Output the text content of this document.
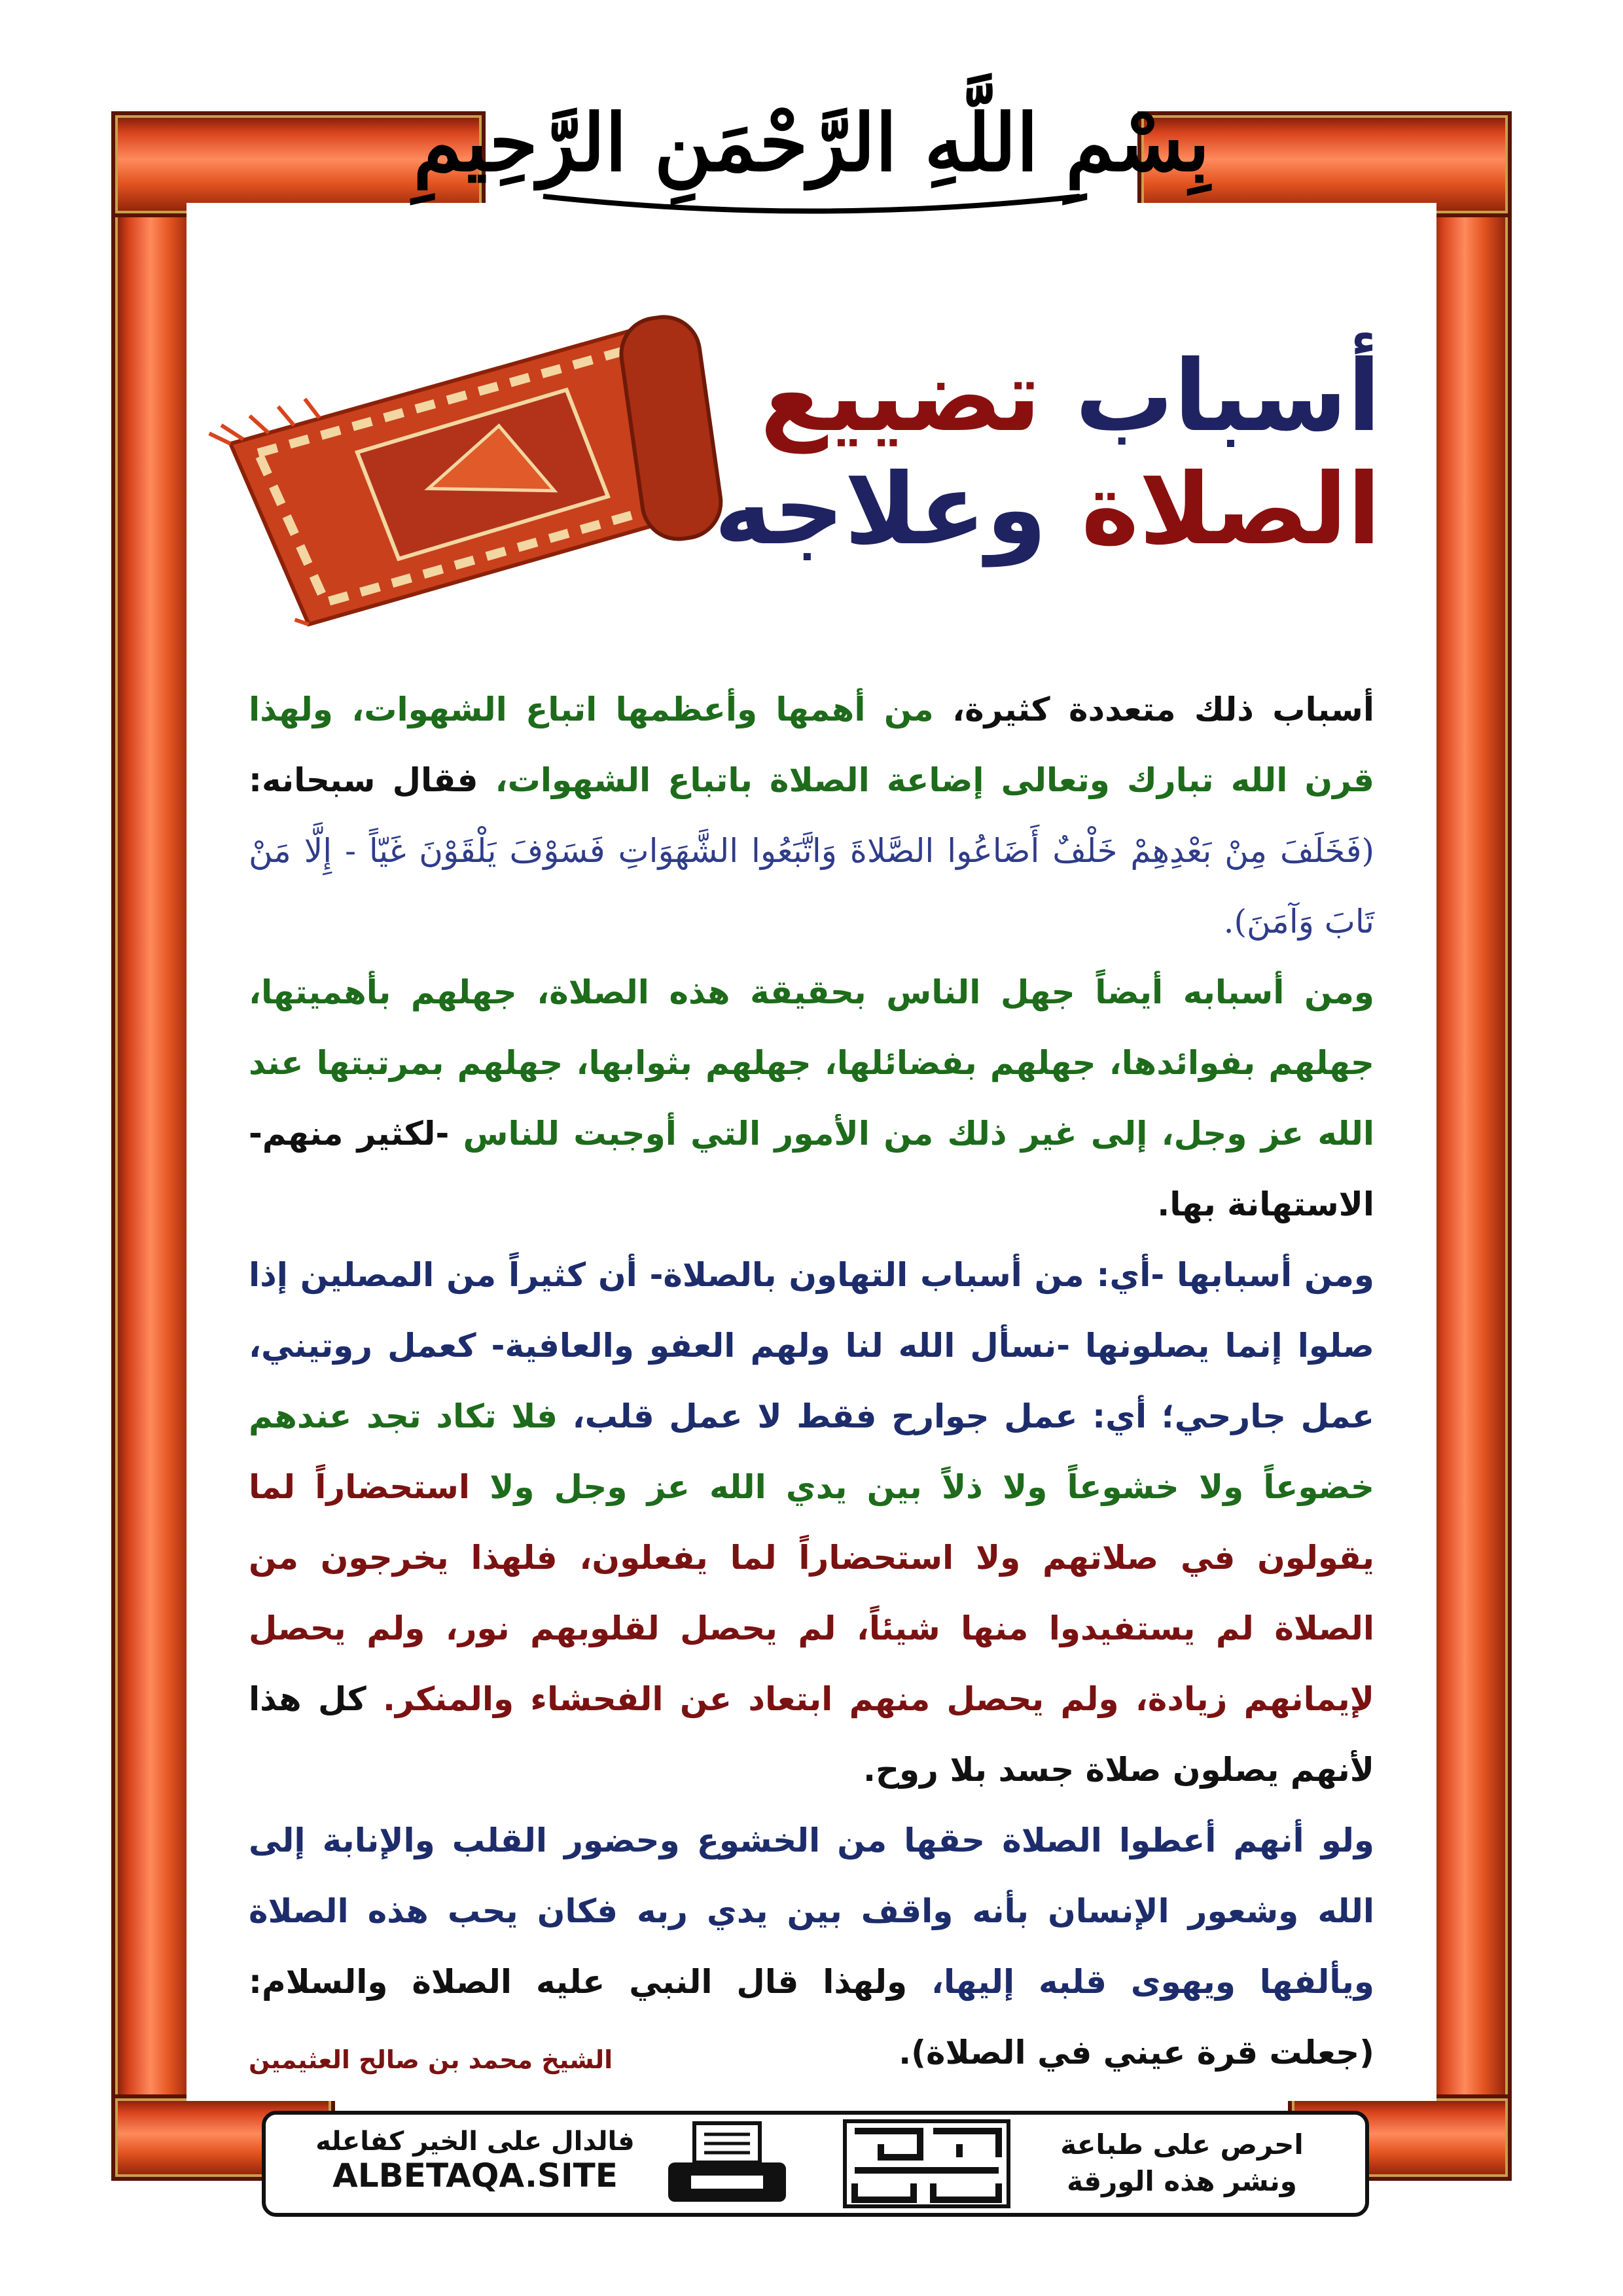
بِسْمِ اللَّهِ الرَّحْمَنِ الرَّحِيمِ
أسباب تضييع
الصلاة وعلاجه

أسباب ذلك متعددة كثيرة، من أهمها وأعظمها اتباع الشهوات، ولهذا قرن الله تبارك وتعالى إضاعة الصلاة باتباع الشهوات، فقال سبحانه: (فَخَلَفَ مِنْ بَعْدِهِمْ خَلْفٌ أَضَاعُوا الصَّلاةَ وَاتَّبَعُوا الشَّهَوَاتِ فَسَوْفَ يَلْقَوْنَ غَيّاً - إِلَّا مَنْ تَابَ وَآمَنَ).

ومن أسبابه أيضاً جهل الناس بحقيقة هذه الصلاة، جهلهم بأهميتها، جهلهم بفوائدها، جهلهم بفضائلها، جهلهم بثوابها، جهلهم بمرتبتها عند الله عز وجل، إلى غير ذلك من الأمور التي أوجبت للناس -لكثير منهم- الاستهانة بها.

ومن أسبابها -أي: من أسباب التهاون بالصلاة- أن كثيراً من المصلين إذا صلوا إنما يصلونها -نسأل الله لنا ولهم العفو والعافية- كعمل روتيني، عمل جارحي؛ أي: عمل جوارح فقط لا عمل قلب، فلا تكاد تجد عندهم خضوعاً ولا خشوعاً ولا ذلاً بين يدي الله عز وجل ولا استحضاراً لما يقولون في صلاتهم ولا استحضاراً لما يفعلون، فلهذا يخرجون من الصلاة لم يستفيدوا منها شيئاً، لم يحصل لقلوبهم نور، ولم يحصل لإيمانهم زيادة، ولم يحصل منهم ابتعاد عن الفحشاء والمنكر. كل هذا لأنهم يصلون صلاة جسد بلا روح.

ولو أنهم أعطوا الصلاة حقها من الخشوع وحضور القلب والإنابة إلى الله وشعور الإنسان بأنه واقف بين يدي ربه فكان يحب هذه الصلاة ويألفها ويهوى قلبه إليها، ولهذا قال النبي عليه الصلاة والسلام: (جعلت قرة عيني في الصلاة).

الشيخ محمد بن صالح العثيمين
فالدال على الخير كفاعله
ALBETAQA.SITE	دعوة الورقة
احرص على طباعة
ونشر هذه الورقة
